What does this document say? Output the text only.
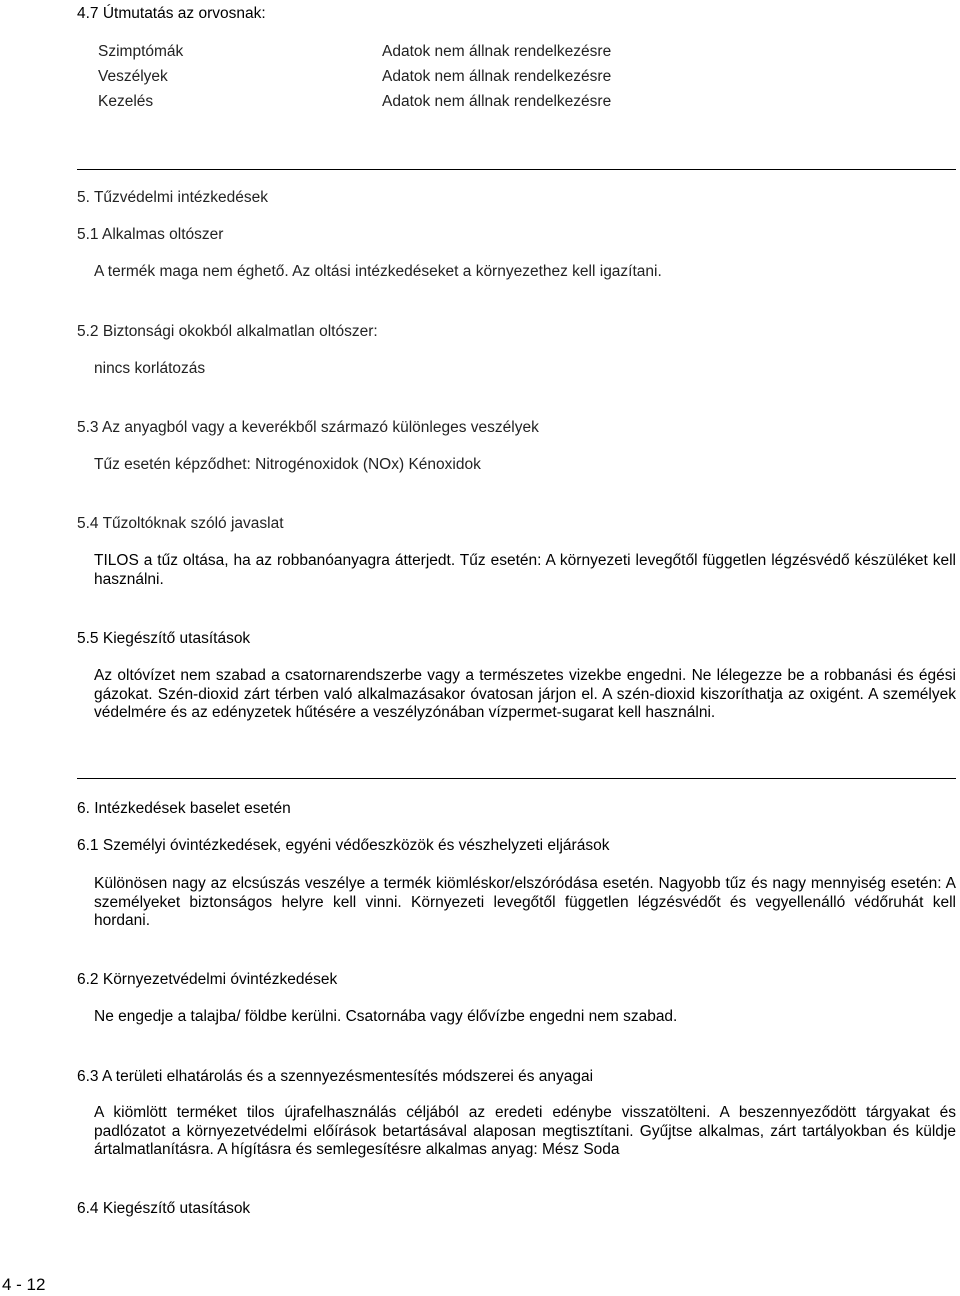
4.7 Útmutatás az orvosnak:
Szimptómák	Adatok nem állnak rendelkezésre
Veszélyek	Adatok nem állnak rendelkezésre
Kezelés	Adatok nem állnak rendelkezésre
5. Tűzvédelmi intézkedések
5.1 Alkalmas oltószer
A termék maga nem éghető. Az oltási intézkedéseket a környezethez kell igazítani.
5.2 Biztonsági okokból alkalmatlan oltószer:
nincs korlátozás
5.3 Az anyagból vagy a keverékből származó különleges veszélyek
Tűz esetén képződhet: Nitrogénoxidok (NOx) Kénoxidok
5.4 Tűzoltóknak szóló javaslat
TILOS a tűz oltása, ha az robbanóanyagra átterjedt. Tűz esetén: A környezeti levegőtől független légzésvédő készüléket kell használni.
5.5 Kiegészítő utasítások
Az oltóvízet nem szabad a csatornarendszerbe vagy a természetes vizekbe engedni. Ne lélegezze be a robbanási és égési gázokat. Szén-dioxid zárt térben való alkalmazásakor óvatosan járjon el. A szén-dioxid kiszoríthatja az oxigént. A személyek védelmére és az edényzetek hűtésére a veszélyzónában vízpermet-sugarat kell használni.
6. Intézkedések baselet esetén
6.1 Személyi óvintézkedések, egyéni védőeszközök és vészhelyzeti eljárások
Különösen nagy az elcsúszás veszélye a termék kiömléskor/elszóródása esetén. Nagyobb tűz és nagy mennyiség esetén: A személyeket biztonságos helyre kell vinni. Környezeti levegőtől független légzésvédőt és vegyellenálló védőruhát kell hordani.
6.2 Környezetvédelmi óvintézkedések
Ne engedje a talajba/ földbe kerülni. Csatornába vagy élővízbe engedni nem szabad.
6.3 A területi elhatárolás és a szennyezésmentesítés módszerei és anyagai
A kiömlött terméket tilos újrafelhasználás céljából az eredeti edénybe visszatölteni. A beszennyeződött tárgyakat és padlózatot a környezetvédelmi előírások betartásával alaposan megtisztítani. Gyűjtse alkalmas, zárt tartályokban és küldje ártalmatlanításra. A hígításra és semlegesítésre alkalmas anyag: Mész Soda
6.4 Kiegészítő utasítások
4 - 12
